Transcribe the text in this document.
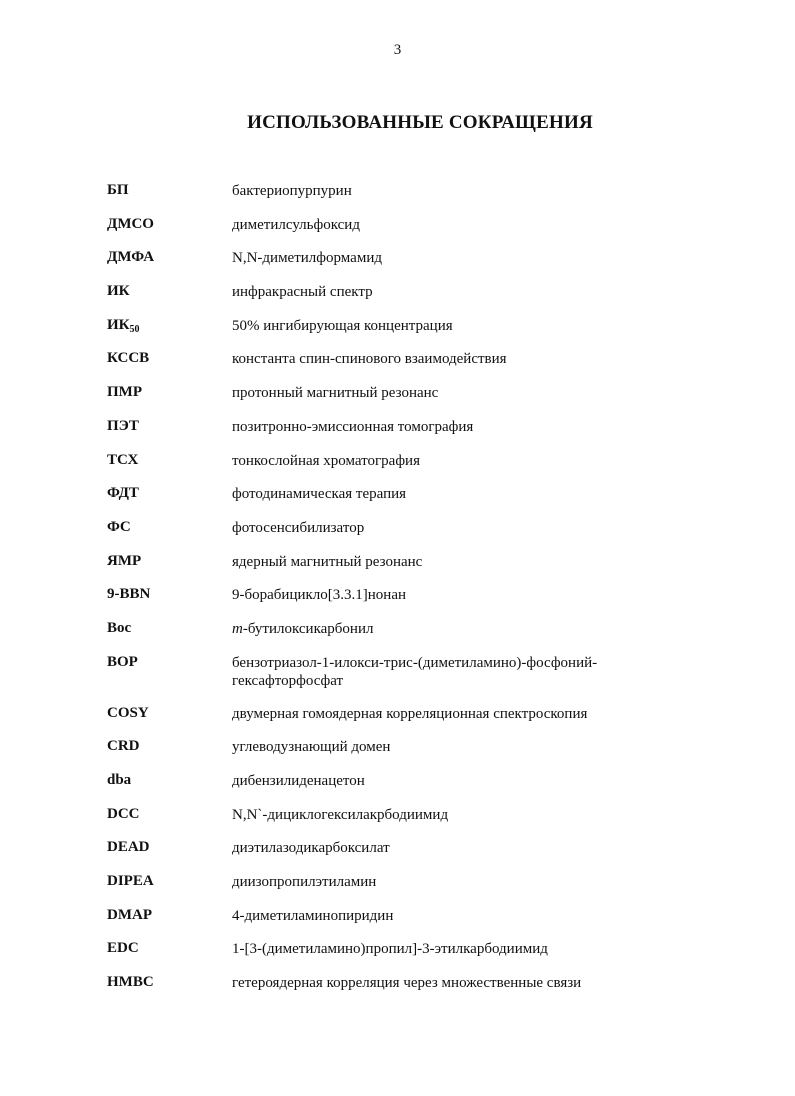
3
ИСПОЛЬЗОВАННЫЕ СОКРАЩЕНИЯ
БП	бактериопурпурин
ДМСО	диметилсульфоксид
ДМФА	N,N-диметилформамид
ИК	инфракрасный спектр
$ИК_{50}$	50% ингибирующая концентрация
КССВ	константа спин-спинового взаимодействия
ПМР	протонный магнитный резонанс
ПЭТ	позитронно-эмиссионная томография
ТСХ	тонкослойная хроматография
ФДТ	фотодинамическая терапия
ФС	фотосенсибилизатор
ЯМР	ядерный магнитный резонанс
9-BBN	9-борабицикло[3.3.1]нонан
Boc	т-бутилоксикарбонил
BOP	бензотриазол-1-илокси-трис-(диметиламино)-фосфоний-гексафторфосфат
COSY	двумерная гомоядерная корреляционная спектроскопия
CRD	углеводузнающий домен
dba	дибензилиденацетон
DCC	N,N`-дициклогексилакрбодиимид
DEAD	диэтилазодикарбоксилат
DIPEA	диизопропилэтиламин
DMAP	4-диметиламинопиридин
EDC	1-[3-(диметиламино)пропил]-3-этилкарбодиимид
HMBC	гетероядерная корреляция через множественные связи
